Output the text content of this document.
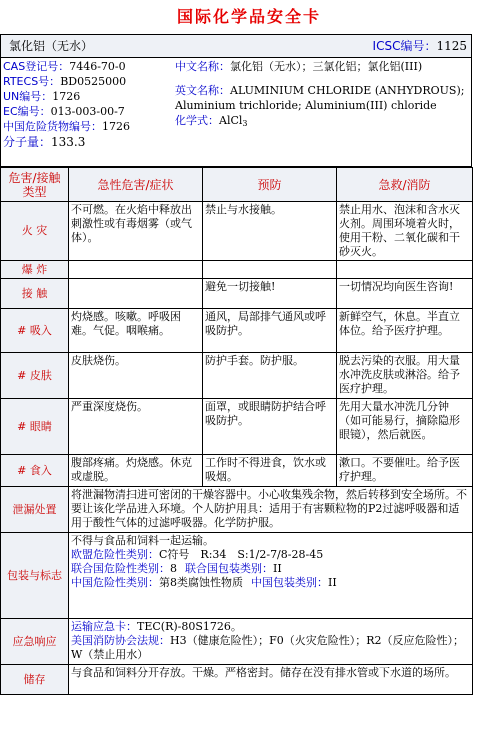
国际化学品安全卡
氯化铝（无水）	ICSC编号：1125
CAS登记号：7446-70-0
RTECS号：BD0525000
UN编号：1726
EC编号：013-003-00-7
中国危险货物编号：1726
分子量：133.3
中文名称：氯化铝（无水）；三氯化铝；氯化铝(III)
英文名称：ALUMINIUM CHLORIDE (ANHYDROUS); Aluminium trichloride; Aluminium(III) chloride
化学式：AlCl$_3$
危害/接触类型	急性危害/症状	预防	急救/消防
火 灾	不可燃。在火焰中释放出刺激性或有毒烟雾（或气体）。	禁止与水接触。	禁止用水、泡沫和含水灭火剂。周围环境着火时，使用干粉、二氧化碳和干砂灭火。
爆 炸			
接 触		避免一切接触!	一切情况均向医生咨询!
# 吸入	灼烧感。咳嗽。呼吸困难。气促。咽喉痛。	通风，局部排气通风或呼吸防护。	新鲜空气，休息。半直立体位。给予医疗护理。
# 皮肤	皮肤烧伤。	防护手套。防护服。	脱去污染的衣服。用大量水冲洗皮肤或淋浴。给予医疗护理。
# 眼睛	严重深度烧伤。	面罩，或眼睛防护结合呼吸防护。	先用大量水冲洗几分钟（如可能易行，摘除隐形眼镜），然后就医。
# 食入	腹部疼痛。灼烧感。休克或虚脱。	工作时不得进食，饮水或吸烟。	漱口。不要催吐。给予医疗护理。
泄漏处置	将泄漏物清扫进可密闭的干燥容器中。小心收集残余物，然后转移到安全场所。不要让该化学品进入环境。个人防护用具：适用于有害颗粒物的P2过滤呼吸器和适用于酸性气体的过滤呼吸器。化学防护服。		
包装与标志	不得与食品和饲料一起运输。
欧盟危险性类别：C符号　R:34　S:1/2-7/8-28-45
联合国危险性类别：8 联合国包装类别：II
中国危险性类别：第8类腐蚀性物质 中国包装类别：II		

应急响应	运输应急卡：TEC(R)-80S1726。
美国消防协会法规：H3（健康危险性）；F0（火灾危险性）；R2（反应危险性）；W（禁止用水）		

储存	与食品和饲料分开存放。干燥。严格密封。储存在没有排水管或下水道的场所。		
